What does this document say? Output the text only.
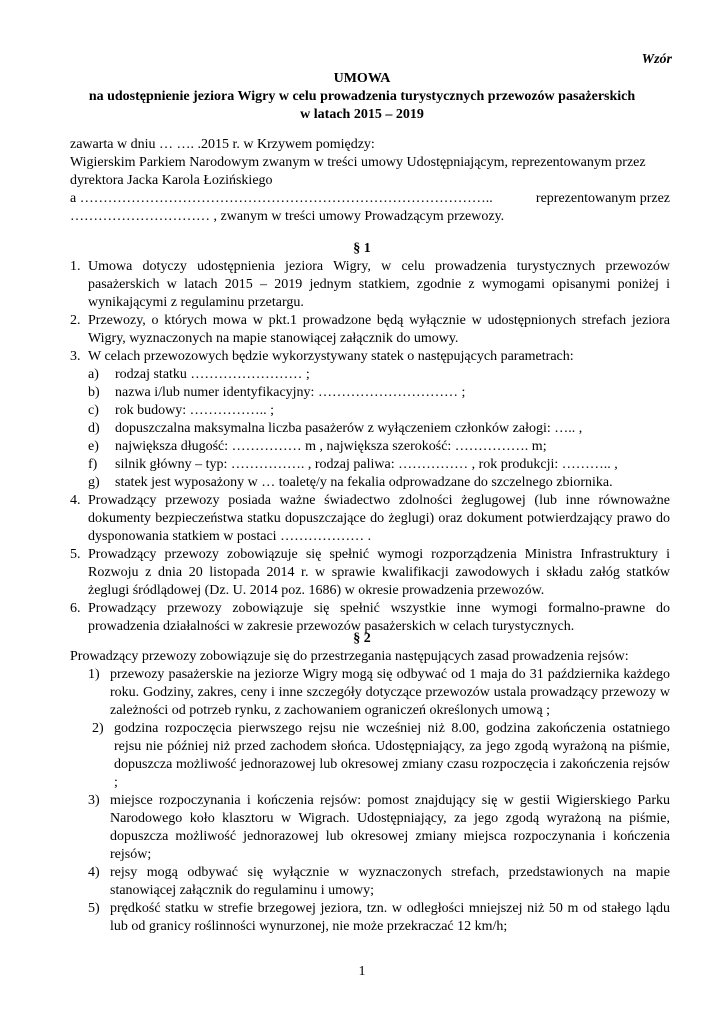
Wzór
UMOWA
na udostępnienie jeziora Wigry w celu prowadzenia turystycznych przewozów pasażerskich
w latach 2015 – 2019
zawarta w dniu … …. .2015 r. w Krzywem pomiędzy:
Wigierskim Parkiem Narodowym zwanym w treści umowy Udostępniającym, reprezentowanym przez
dyrektora Jacka Karola Łozińskiego
a ……………………………………………………………………………..	reprezentowanym przez
………………………… , zwanym w treści umowy Prowadzącym przewozy.
§ 1
1. Umowa dotyczy udostępnienia jeziora Wigry, w celu prowadzenia turystycznych przewozów pasażerskich w latach 2015 – 2019 jednym statkiem, zgodnie z wymogami opisanymi poniżej i wynikającymi z regulaminu przetargu.
2. Przewozy, o których mowa w pkt.1 prowadzone będą wyłącznie w udostępnionych strefach jeziora Wigry, wyznaczonych na mapie stanowiącej załącznik do umowy.
3. W celach przewozowych będzie wykorzystywany statek o następujących parametrach:
a)	rodzaj statku …………………… ;
b)	nazwa i/lub numer identyfikacyjny: ………………………… ;
c)	rok budowy: …………….. ;
d)	dopuszczalna maksymalna liczba pasażerów z wyłączeniem członków załogi: ….. ,
e)	największa długość: …………… m , największa szerokość: ……………. m;
f)	silnik główny – typ: ……………. , rodzaj paliwa: …………… , rok produkcji: ……….. ,
g)	statek jest wyposażony w … toaletę/y na fekalia odprowadzane do szczelnego zbiornika.
4. Prowadzący przewozy posiada ważne świadectwo zdolności żeglugowej (lub inne równoważne dokumenty bezpieczeństwa statku dopuszczające do żeglugi) oraz dokument potwierdzający prawo do dysponowania statkiem w postaci ……………… .
5. Prowadzący przewozy zobowiązuje się spełnić wymogi rozporządzenia Ministra Infrastruktury i Rozwoju z dnia 20 listopada 2014 r. w sprawie kwalifikacji zawodowych i składu załóg statków żeglugi śródlądowej (Dz. U. 2014 poz. 1686) w okresie prowadzenia przewozów.
6. Prowadzący przewozy zobowiązuje się spełnić wszystkie inne wymogi formalno-prawne do prowadzenia działalności w zakresie przewozów pasażerskich w celach turystycznych.
§ 2
Prowadzący przewozy zobowiązuje się do przestrzegania następujących zasad prowadzenia rejsów:
1) przewozy pasażerskie na jeziorze Wigry mogą się odbywać od 1 maja do 31 października każdego roku. Godziny, zakres, ceny i inne szczegóły dotyczące przewozów ustala prowadzący przewozy w zależności od potrzeb rynku, z zachowaniem ograniczeń określonych umową ;
2) godzina rozpoczęcia pierwszego rejsu nie wcześniej niż 8.00, godzina zakończenia ostatniego rejsu nie później niż przed zachodem słońca. Udostępniający, za jego zgodą wyrażoną na piśmie, dopuszcza możliwość jednorazowej lub okresowej zmiany czasu rozpoczęcia i zakończenia rejsów ;
3) miejsce rozpoczynania i kończenia rejsów: pomost znajdujący się w gestii Wigierskiego Parku Narodowego koło klasztoru w Wigrach. Udostępniający, za jego zgodą wyrażoną na piśmie, dopuszcza możliwość jednorazowej lub okresowej zmiany miejsca rozpoczynania i kończenia rejsów;
4) rejsy mogą odbywać się wyłącznie w wyznaczonych strefach, przedstawionych na mapie stanowiącej załącznik do regulaminu i umowy;
5) prędkość statku w strefie brzegowej jeziora, tzn. w odległości mniejszej niż 50 m od stałego lądu lub od granicy roślinności wynurzonej, nie może przekraczać 12 km/h;
1
